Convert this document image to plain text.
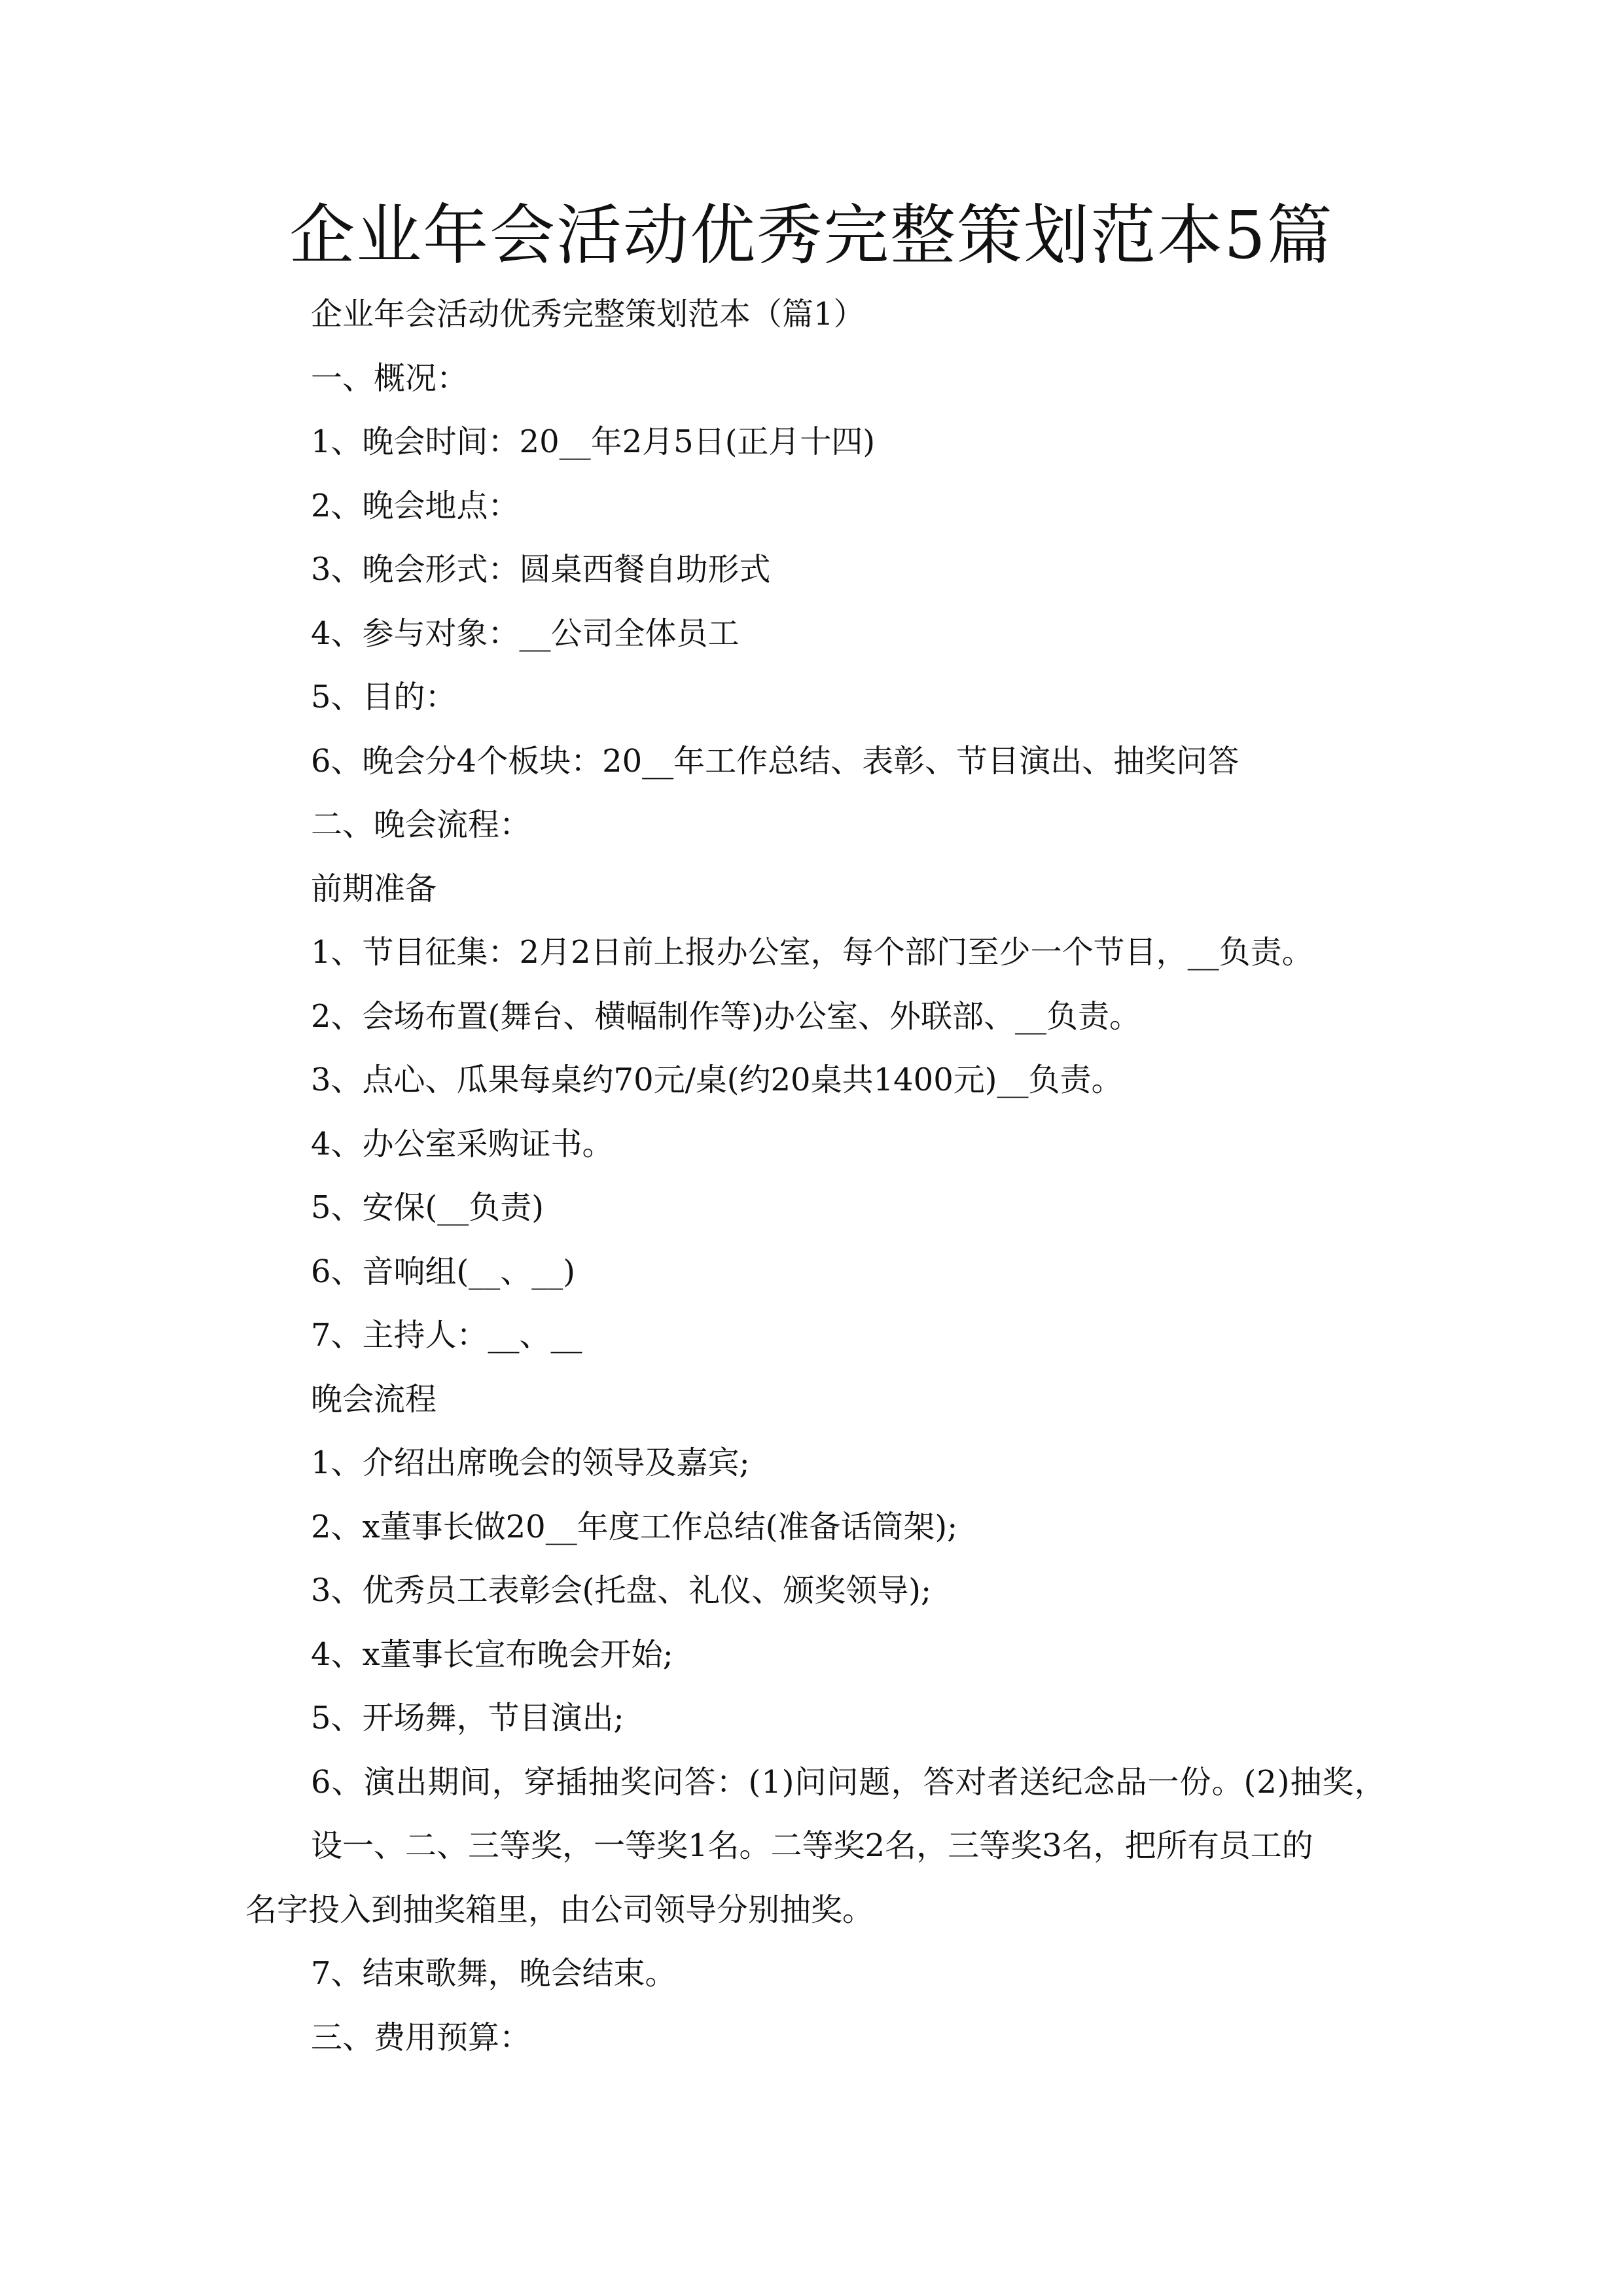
企业年会活动优秀完整策划范本5篇
企业年会活动优秀完整策划范本（篇1）
一、概况：
1、晚会时间：20__年2月5日(正月十四)
2、晚会地点：
3、晚会形式：圆桌西餐自助形式
4、参与对象：__公司全体员工
5、目的：
6、晚会分4个板块：20__年工作总结、表彰、节目演出、抽奖问答
二、晚会流程：
前期准备
1、节目征集：2月2日前上报办公室，每个部门至少一个节目，__负责。
2、会场布置(舞台、横幅制作等)办公室、外联部、__负责。
3、点心、瓜果每桌约70元/桌(约20桌共1400元)__负责。
4、办公室采购证书。
5、安保(__负责)
6、音响组(__、__)
7、主持人：__、__
晚会流程
1、介绍出席晚会的领导及嘉宾;
2、x董事长做20__年度工作总结(准备话筒架);
3、优秀员工表彰会(托盘、礼仪、颁奖领导);
4、x董事长宣布晚会开始;
5、开场舞，节目演出;
6、演出期间，穿插抽奖问答：(1)问问题，答对者送纪念品一份。(2)抽奖，
设一、二、三等奖，一等奖1名。二等奖2名，三等奖3名，把所有员工的
名字投入到抽奖箱里，由公司领导分别抽奖。
7、结束歌舞，晚会结束。
三、费用预算：
